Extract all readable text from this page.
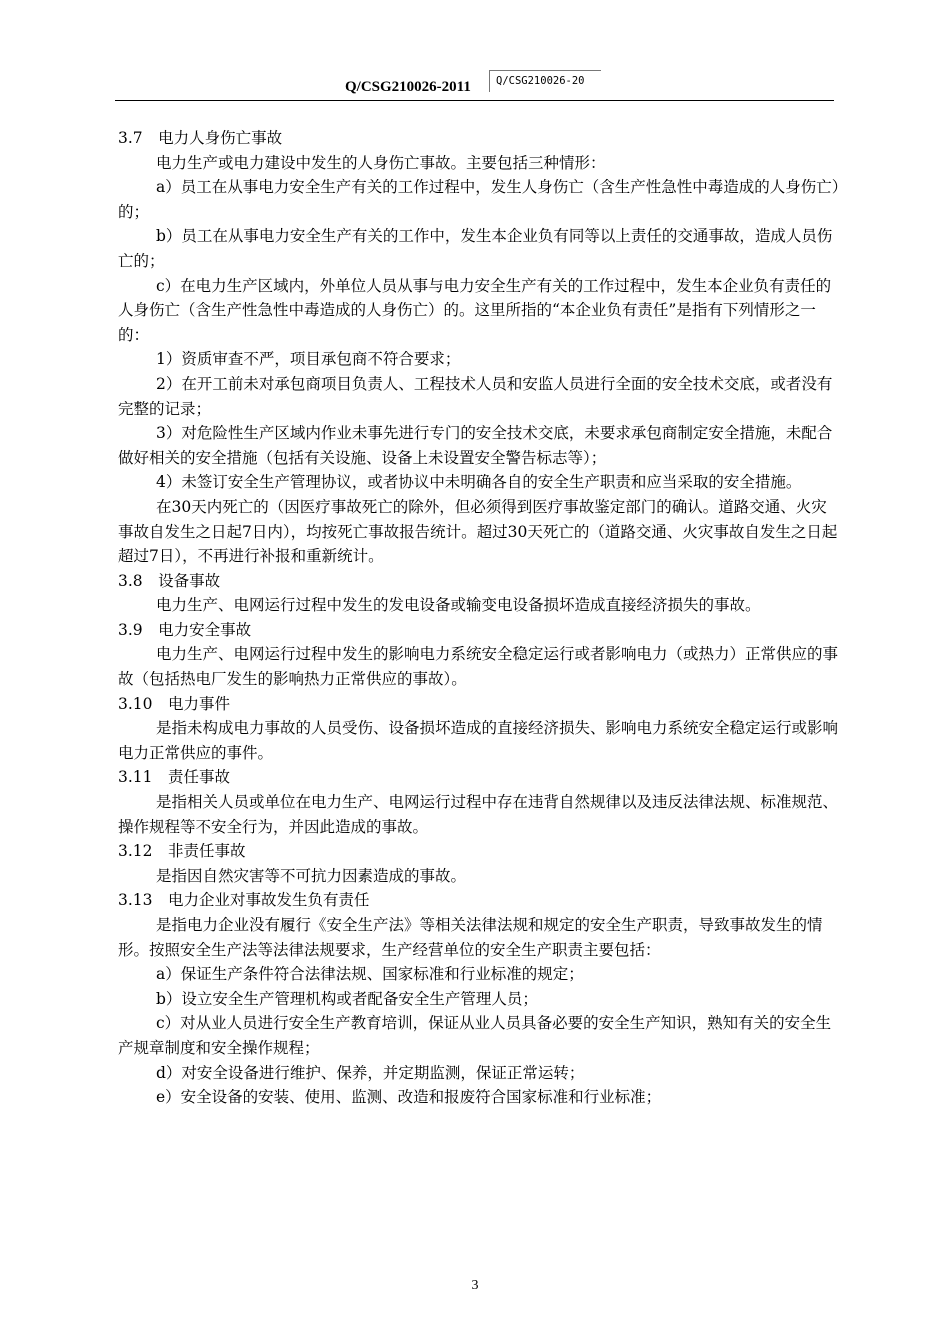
Q/CSG210026-2011	Q/CSG210026-20

3.7　电力人身伤亡事故

电力生产或电力建设中发生的人身伤亡事故。主要包括三种情形：

a）员工在从事电力安全生产有关的工作过程中，发生人身伤亡（含生产性急性中毒造成的人身伤亡）的；

b）员工在从事电力安全生产有关的工作中，发生本企业负有同等以上责任的交通事故，造成人员伤亡的；

c）在电力生产区域内，外单位人员从事与电力安全生产有关的工作过程中，发生本企业负有责任的人身伤亡（含生产性急性中毒造成的人身伤亡）的。这里所指的“本企业负有责任”是指有下列情形之一的：

1）资质审查不严，项目承包商不符合要求；

2）在开工前未对承包商项目负责人、工程技术人员和安监人员进行全面的安全技术交底，或者没有完整的记录；

3）对危险性生产区域内作业未事先进行专门的安全技术交底，未要求承包商制定安全措施，未配合做好相关的安全措施（包括有关设施、设备上未设置安全警告标志等）；

4）未签订安全生产管理协议，或者协议中未明确各自的安全生产职责和应当采取的安全措施。

在30天内死亡的（因医疗事故死亡的除外，但必须得到医疗事故鉴定部门的确认。道路交通、火灾事故自发生之日起7日内），均按死亡事故报告统计。超过30天死亡的（道路交通、火灾事故自发生之日起超过7日），不再进行补报和重新统计。

3.8　设备事故

电力生产、电网运行过程中发生的发电设备或输变电设备损坏造成直接经济损失的事故。

3.9　电力安全事故

电力生产、电网运行过程中发生的影响电力系统安全稳定运行或者影响电力（或热力）正常供应的事故（包括热电厂发生的影响热力正常供应的事故）。

3.10　电力事件

是指未构成电力事故的人员受伤、设备损坏造成的直接经济损失、影响电力系统安全稳定运行或影响电力正常供应的事件。

3.11　责任事故

是指相关人员或单位在电力生产、电网运行过程中存在违背自然规律以及违反法律法规、标准规范、操作规程等不安全行为，并因此造成的事故。

3.12　非责任事故

是指因自然灾害等不可抗力因素造成的事故。

3.13　电力企业对事故发生负有责任

是指电力企业没有履行《安全生产法》等相关法律法规和规定的安全生产职责，导致事故发生的情形。按照安全生产法等法律法规要求，生产经营单位的安全生产职责主要包括：

a）保证生产条件符合法律法规、国家标准和行业标准的规定；

b）设立安全生产管理机构或者配备安全生产管理人员；

c）对从业人员进行安全生产教育培训，保证从业人员具备必要的安全生产知识，熟知有关的安全生产规章制度和安全操作规程；

d）对安全设备进行维护、保养，并定期监测，保证正常运转；

e）安全设备的安装、使用、监测、改造和报废符合国家标准和行业标准；

3
